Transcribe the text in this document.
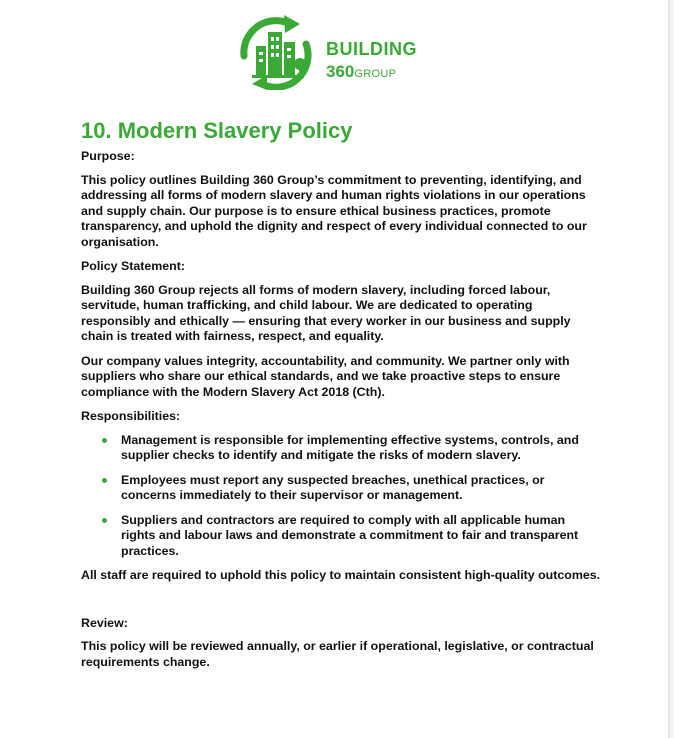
BUILDING
360GROUP
10. Modern Slavery Policy
Purpose:

This policy outlines Building 360 Group’s commitment to preventing, identifying, and addressing all forms of modern slavery and human rights violations in our operations and supply chain. Our purpose is to ensure ethical business practices, promote transparency, and uphold the dignity and respect of every individual connected to our organisation.

Policy Statement:

Building 360 Group rejects all forms of modern slavery, including forced labour, servitude, human trafficking, and child labour. We are dedicated to operating responsibly and ethically — ensuring that every worker in our business and supply chain is treated with fairness, respect, and equality.

Our company values integrity, accountability, and community. We partner only with suppliers who share our ethical standards, and we take proactive steps to ensure compliance with the Modern Slavery Act 2018 (Cth).

Responsibilities:
Management is responsible for implementing effective systems, controls, and supplier checks to identify and mitigate the risks of modern slavery.
Employees must report any suspected breaches, unethical practices, or concerns immediately to their supervisor or management.
Suppliers and contractors are required to comply with all applicable human rights and labour laws and demonstrate a commitment to fair and transparent practices.

All staff are required to uphold this policy to maintain consistent high-quality outcomes.

Review:

This policy will be reviewed annually, or earlier if operational, legislative, or contractual requirements change.
